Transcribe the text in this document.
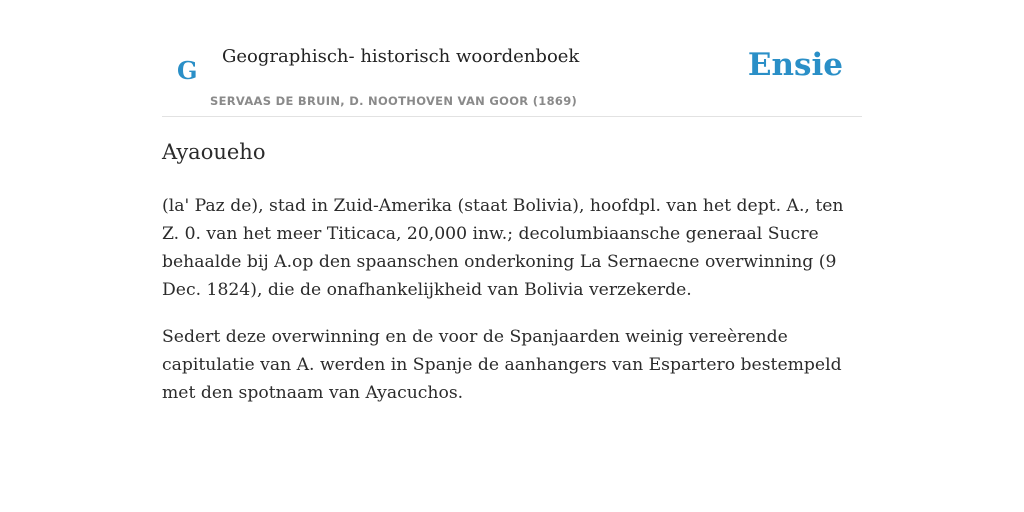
G Geographisch- historisch woordenboek
SERVAAS DE BRUIN, D. NOOTHOVEN VAN GOOR (1869)
Ensie
Ayaoueho

(la' Paz de), stad in Zuid-Amerika (staat Bolivia), hoofdpl. van het dept. A., ten Z. 0. van het meer Titicaca, 20,000 inw.; decolumbiaansche generaal Sucre behaalde bij A.op den spaanschen onderkoning La Sernaecne overwinning (9 Dec. 1824), die de onafhankelijkheid van Bolivia verzekerde.

Sedert deze overwinning en de voor de Spanjaarden weinig vereèrende capitulatie van A. werden in Spanje de aanhangers van Espartero bestempeld met den spotnaam van Ayacuchos.
